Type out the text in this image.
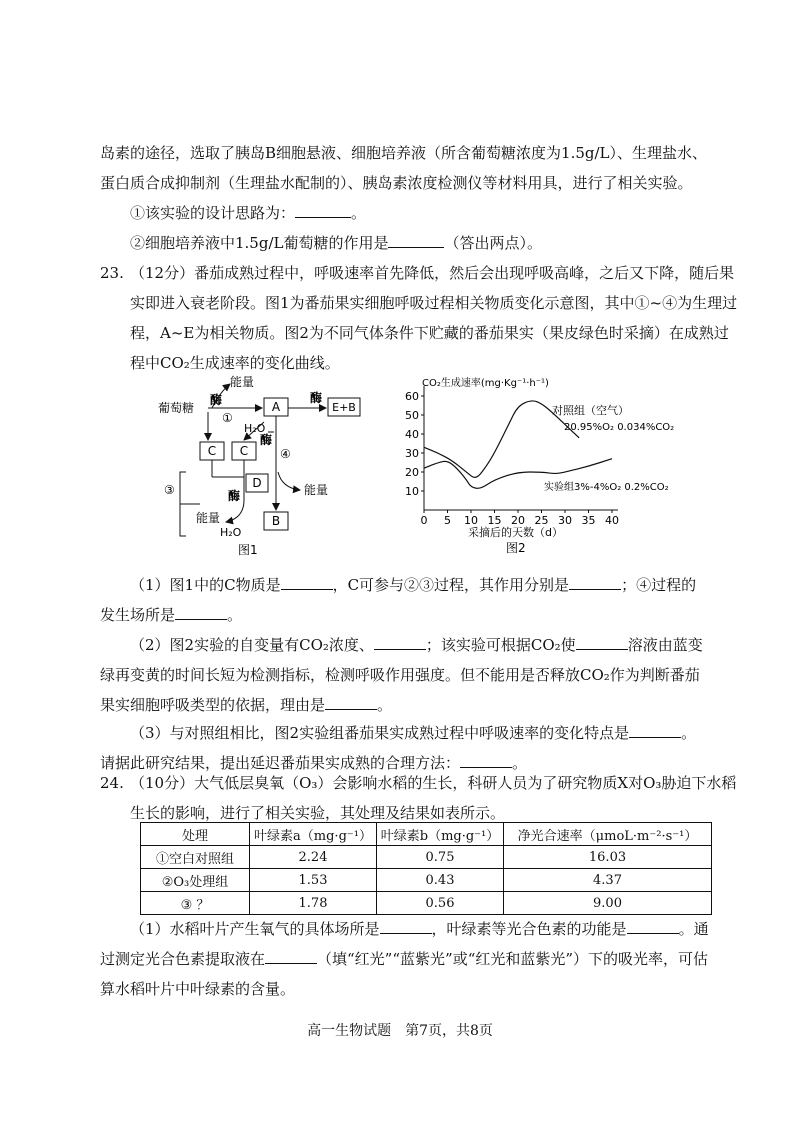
岛素的途径，选取了胰岛B细胞悬液、细胞培养液（所含葡萄糖浓度为1.5g/L）、生理盐水、蛋白质合成抑制剂（生理盐水配制的）、胰岛素浓度检测仪等材料用具，进行了相关实验。

①该实验的设计思路为：	。

②细胞培养液中1.5g/L葡萄糖的作用是	（答出两点）。

23. （12分）番茄成熟过程中，呼吸速率首先降低，然后会出现呼吸高峰，之后又下降，随后果实即进入衰老阶段。图1为番茄果实细胞呼吸过程相关物质变化示意图，其中①~④为生理过程，A~E为相关物质。图2为不同气体条件下贮藏的番茄果实（果皮绿色时采摘）在成熟过程中CO₂生成速率的变化曲线。

葡萄糖
能量
酶
①
A
酶
E+B
H₂O
酶
④
C C
D
酶	能量
③
能量
H₂O
B
图1
0 5 10 15 20 25 30 35 40
10
20
30
40
50
60
CO₂生成速率(mg·Kg⁻¹·h⁻¹)
采摘后的天数（d）
对照组（空气）
20.95%O₂ 0.034%CO₂
实验组3%-4%O₂ 0.2%CO₂
图2

（1）图1中的C物质是	，C可参与②③过程，其作用分别是	；④过程的发生场所是	。

（2）图2实验的自变量有CO₂浓度、	；该实验可根据CO₂使	溶液由蓝变绿再变黄的时间长短为检测指标，检测呼吸作用强度。但不能用是否释放CO₂作为判断番茄果实细胞呼吸类型的依据，理由是	。

（3）与对照组相比，图2实验组番茄果实成熟过程中呼吸速率的变化特点是	。请据此研究结果，提出延迟番茄果实成熟的合理方法：	。

24. （10分）大气低层臭氧（O₃）会影响水稻的生长，科研人员为了研究物质X对O₃胁迫下水稻生长的影响，进行了相关实验，其处理及结果如表所示。

处理	叶绿素a（mg·g⁻¹）	叶绿素b（mg·g⁻¹）	净光合速率（μmoL·m⁻²·s⁻¹）
①空白对照组	2.24	0.75	16.03
②O₃处理组	1.53	0.43	4.37
③ ？	1.78	0.56	9.00

（1）水稻叶片产生氧气的具体场所是	，叶绿素等光合色素的功能是	。通过测定光合色素提取液在	（填“红光”“蓝紫光”或“红光和蓝紫光”）下的吸光率，可估算水稻叶片中叶绿素的含量。

高一生物试题　第7页，共8页
